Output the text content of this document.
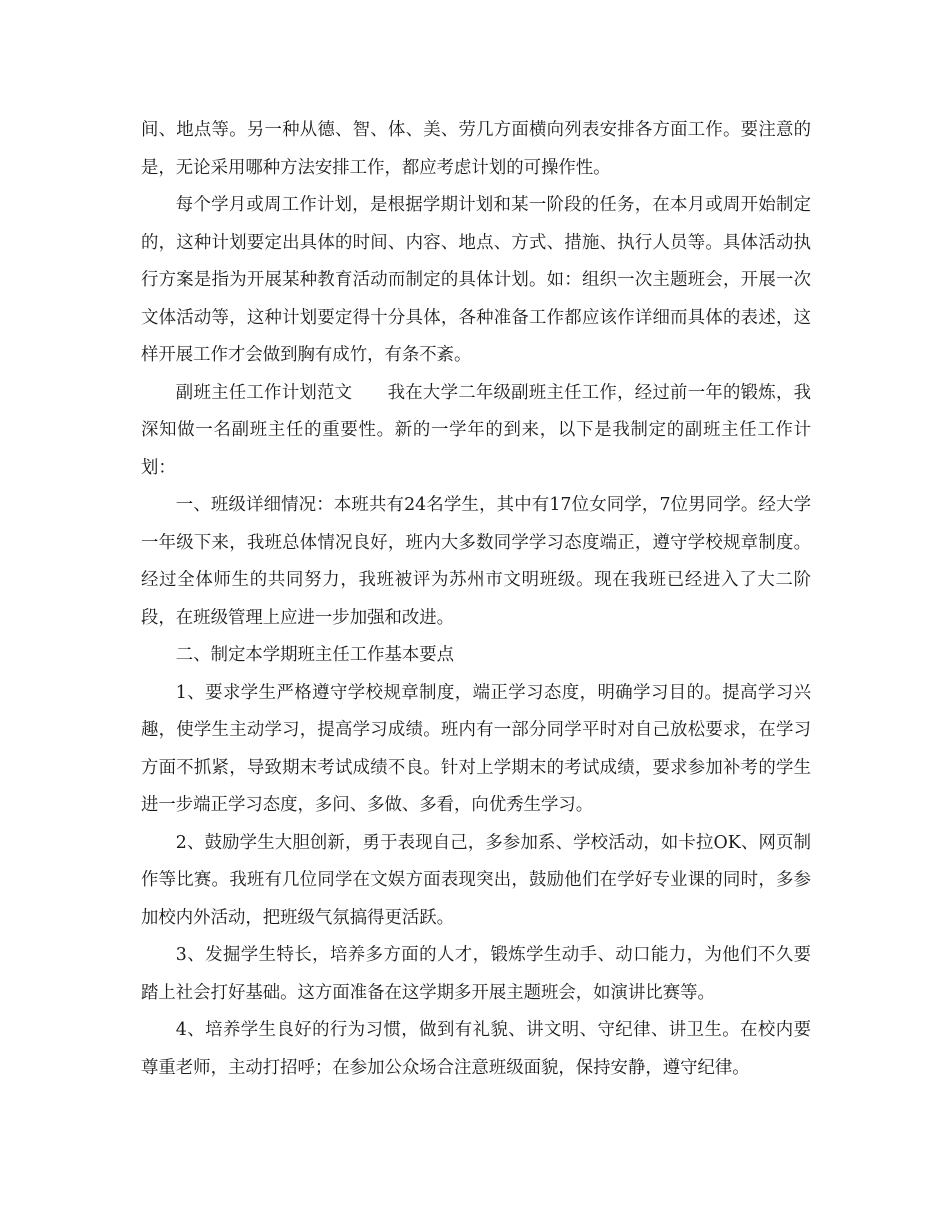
间、地点等。另一种从德、智、体、美、劳几方面横向列表安排各方面工作。要注意的是，无论采用哪种方法安排工作，都应考虑计划的可操作性。

每个学月或周工作计划，是根据学期计划和某一阶段的任务，在本月或周开始制定的，这种计划要定出具体的时间、内容、地点、方式、措施、执行人员等。具体活动执行方案是指为开展某种教育活动而制定的具体计划。如：组织一次主题班会，开展一次文体活动等，这种计划要定得十分具体，各种准备工作都应该作详细而具体的表述，这样开展工作才会做到胸有成竹，有条不紊。

副班主任工作计划范文　　我在大学二年级副班主任工作，经过前一年的锻炼，我深知做一名副班主任的重要性。新的一学年的到来，以下是我制定的副班主任工作计划：

一、班级详细情况：本班共有24名学生，其中有17位女同学，7位男同学。经大学一年级下来，我班总体情况良好，班内大多数同学学习态度端正，遵守学校规章制度。经过全体师生的共同努力，我班被评为苏州市文明班级。现在我班已经进入了大二阶段，在班级管理上应进一步加强和改进。

二、制定本学期班主任工作基本要点

1、要求学生严格遵守学校规章制度，端正学习态度，明确学习目的。提高学习兴趣，使学生主动学习，提高学习成绩。班内有一部分同学平时对自己放松要求，在学习方面不抓紧，导致期末考试成绩不良。针对上学期末的考试成绩，要求参加补考的学生进一步端正学习态度，多问、多做、多看，向优秀生学习。

2、鼓励学生大胆创新，勇于表现自己，多参加系、学校活动，如卡拉OK、网页制作等比赛。我班有几位同学在文娱方面表现突出，鼓励他们在学好专业课的同时，多参加校内外活动，把班级气氛搞得更活跃。

3、发掘学生特长，培养多方面的人才，锻炼学生动手、动口能力，为他们不久要踏上社会打好基础。这方面准备在这学期多开展主题班会，如演讲比赛等。

4、培养学生良好的行为习惯，做到有礼貌、讲文明、守纪律、讲卫生。在校内要尊重老师，主动打招呼；在参加公众场合注意班级面貌，保持安静，遵守纪律。
